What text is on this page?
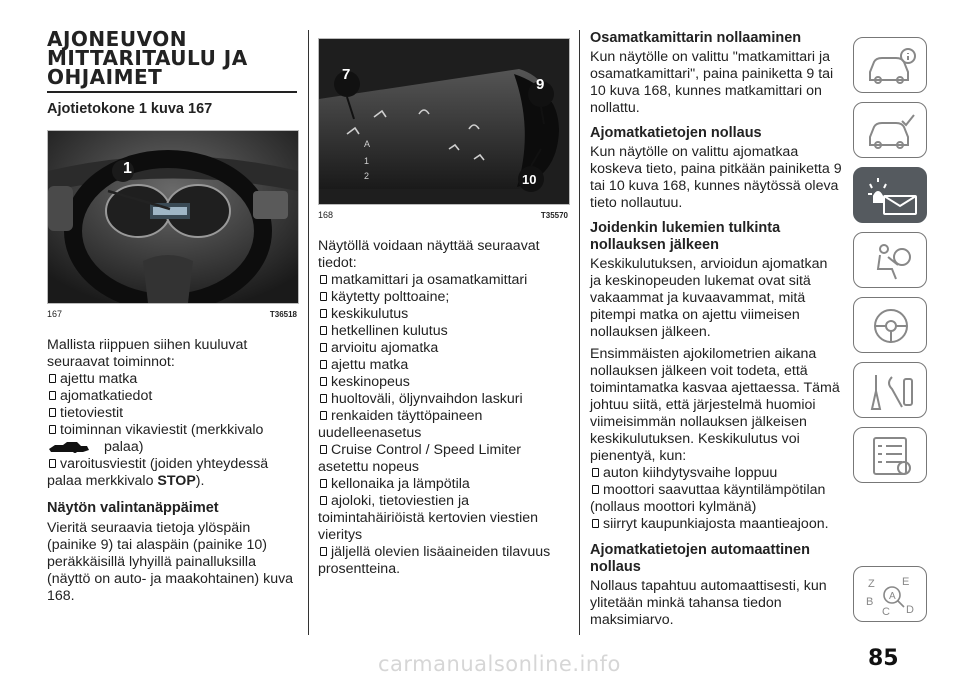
AJONEUVON
MITTARITAULU JA
OHJAIMET

Ajotietokone 1 kuva 167

1
167	T36518

Mallista riippuen siihen kuuluvat seuraavat toiminnot:

ajettu matka
ajomatkatiedot
tietoviestit
toiminnan vikaviestit (merkkivalo
palaa)
varoitusviestit (joiden yhteydessä

palaa merkkivalo STOP).

Näytön valintanäppäimet

Vieritä seuraavia tietoja ylöspäin (painike 9) tai alaspäin (painike 10) peräkkäisillä lyhyillä painalluksilla (näyttö on auto- ja maakohtainen) kuva 168.

A
1
2
7
9
10
168	T35570

Näytöllä voidaan näyttää seuraavat tiedot:

matkamittari ja osamatkamittari
käytetty polttoaine;
keskikulutus
hetkellinen kulutus
arvioitu ajomatka
ajettu matka
keskinopeus
huoltoväli, öljynvaihdon laskuri
renkaiden täyttöpaineen

uudelleenasetus

Cruise Control / Speed Limiter

asetettu nopeus

kellonaika ja lämpötila
ajoloki, tietoviestien ja

toimintahäiriöistä kertovien viestien vieritys

jäljellä olevien lisäaineiden tilavuus

prosentteina.

Osamatkamittarin nollaaminen

Kun näytölle on valittu "matkamittari ja osamatkamittari", paina painiketta 9 tai 10 kuva 168, kunnes matkamittari on nollattu.

Ajomatkatietojen nollaus

Kun näytölle on valittu ajomatkaa koskeva tieto, paina pitkään painiketta 9 tai 10 kuva 168, kunnes näytössä oleva tieto nollautuu.

Joidenkin lukemien tulkinta nollauksen jälkeen

Keskikulutuksen, arvioidun ajomatkan ja keskinopeuden lukemat ovat sitä vakaammat ja kuvaavammat, mitä pitempi matka on ajettu viimeisen nollauksen jälkeen.

Ensimmäisten ajokilometrien aikana nollauksen jälkeen voit todeta, että toimintamatka kasvaa ajettaessa. Tämä johtuu siitä, että järjestelmä huomioi viimeisimmän nollauksen jälkeisen keskikulutuksen. Keskikulutus voi pienentyä, kun:

auton kiihdytysvaihe loppuu
moottori saavuttaa käyntilämpötilan

(nollaus moottori kylmänä)

siirryt kaupunkiajosta maantieajoon.

Ajomatkatietojen automaattinen nollaus

Nollaus tapahtuu automaattisesti, kun ylitetään minkä tahansa tiedon maksimiarvo.

Z E
B
C D
A
85
carmanualsonline.info
